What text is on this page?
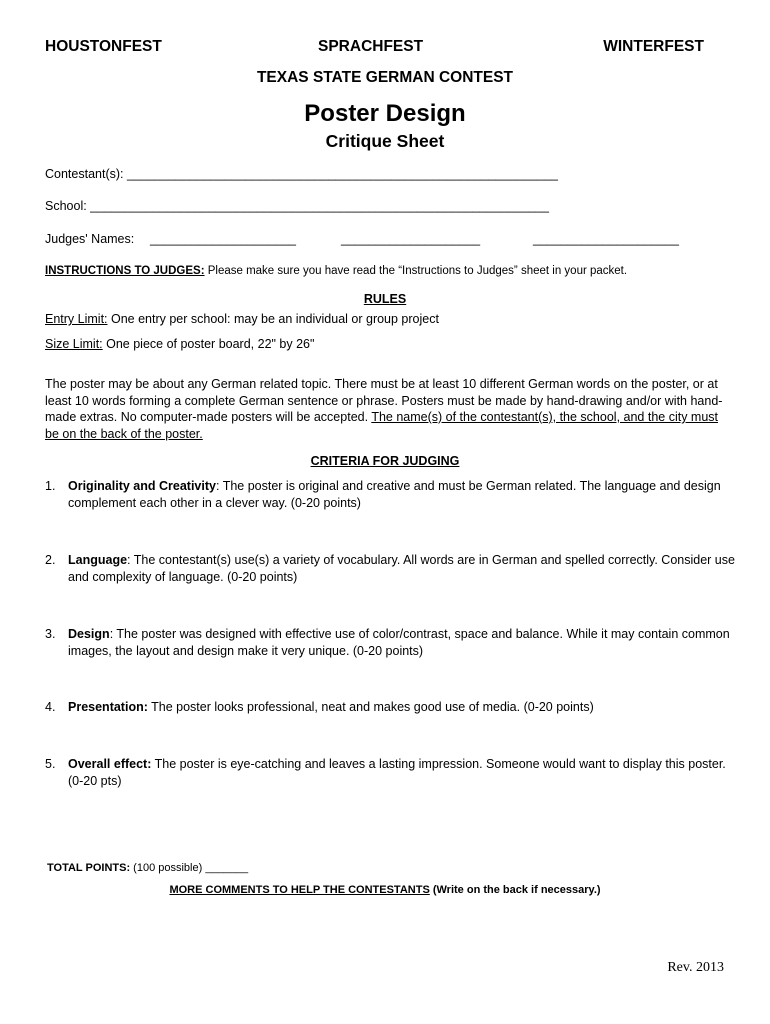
HOUSTONFEST	SPRACHFEST	WINTERFEST
TEXAS STATE GERMAN CONTEST
Poster Design
Critique Sheet
Contestant(s): ______________________________________________________________
School: __________________________________________________________________
Judges' Names: _____________________	____________________	_____________________
INSTRUCTIONS TO JUDGES: Please make sure you have read the “Instructions to Judges” sheet in your packet.
RULES
Entry Limit: One entry per school: may be an individual or group project
Size Limit: One piece of poster board, 22" by 26"
The poster may be about any German related topic. There must be at least 10 different German words on the poster, or at least 10 words forming a complete German sentence or phrase. Posters must be made by hand-drawing and/or with hand-made extras. No computer-made posters will be accepted. The name(s) of the contestant(s), the school, and the city must be on the back of the poster.
CRITERIA FOR JUDGING
1. Originality and Creativity: The poster is original and creative and must be German related. The language and design complement each other in a clever way. (0-20 points)
2. Language: The contestant(s) use(s) a variety of vocabulary. All words are in German and spelled correctly. Consider use and complexity of language. (0-20 points)
3. Design: The poster was designed with effective use of color/contrast, space and balance. While it may contain common images, the layout and design make it very unique. (0-20 points)
4. Presentation: The poster looks professional, neat and makes good use of media. (0-20 points)
5. Overall effect: The poster is eye-catching and leaves a lasting impression. Someone would want to display this poster. (0-20 pts)
TOTAL POINTS: (100 possible) _______
MORE COMMENTS TO HELP THE CONTESTANTS (Write on the back if necessary.)
Rev. 2013
